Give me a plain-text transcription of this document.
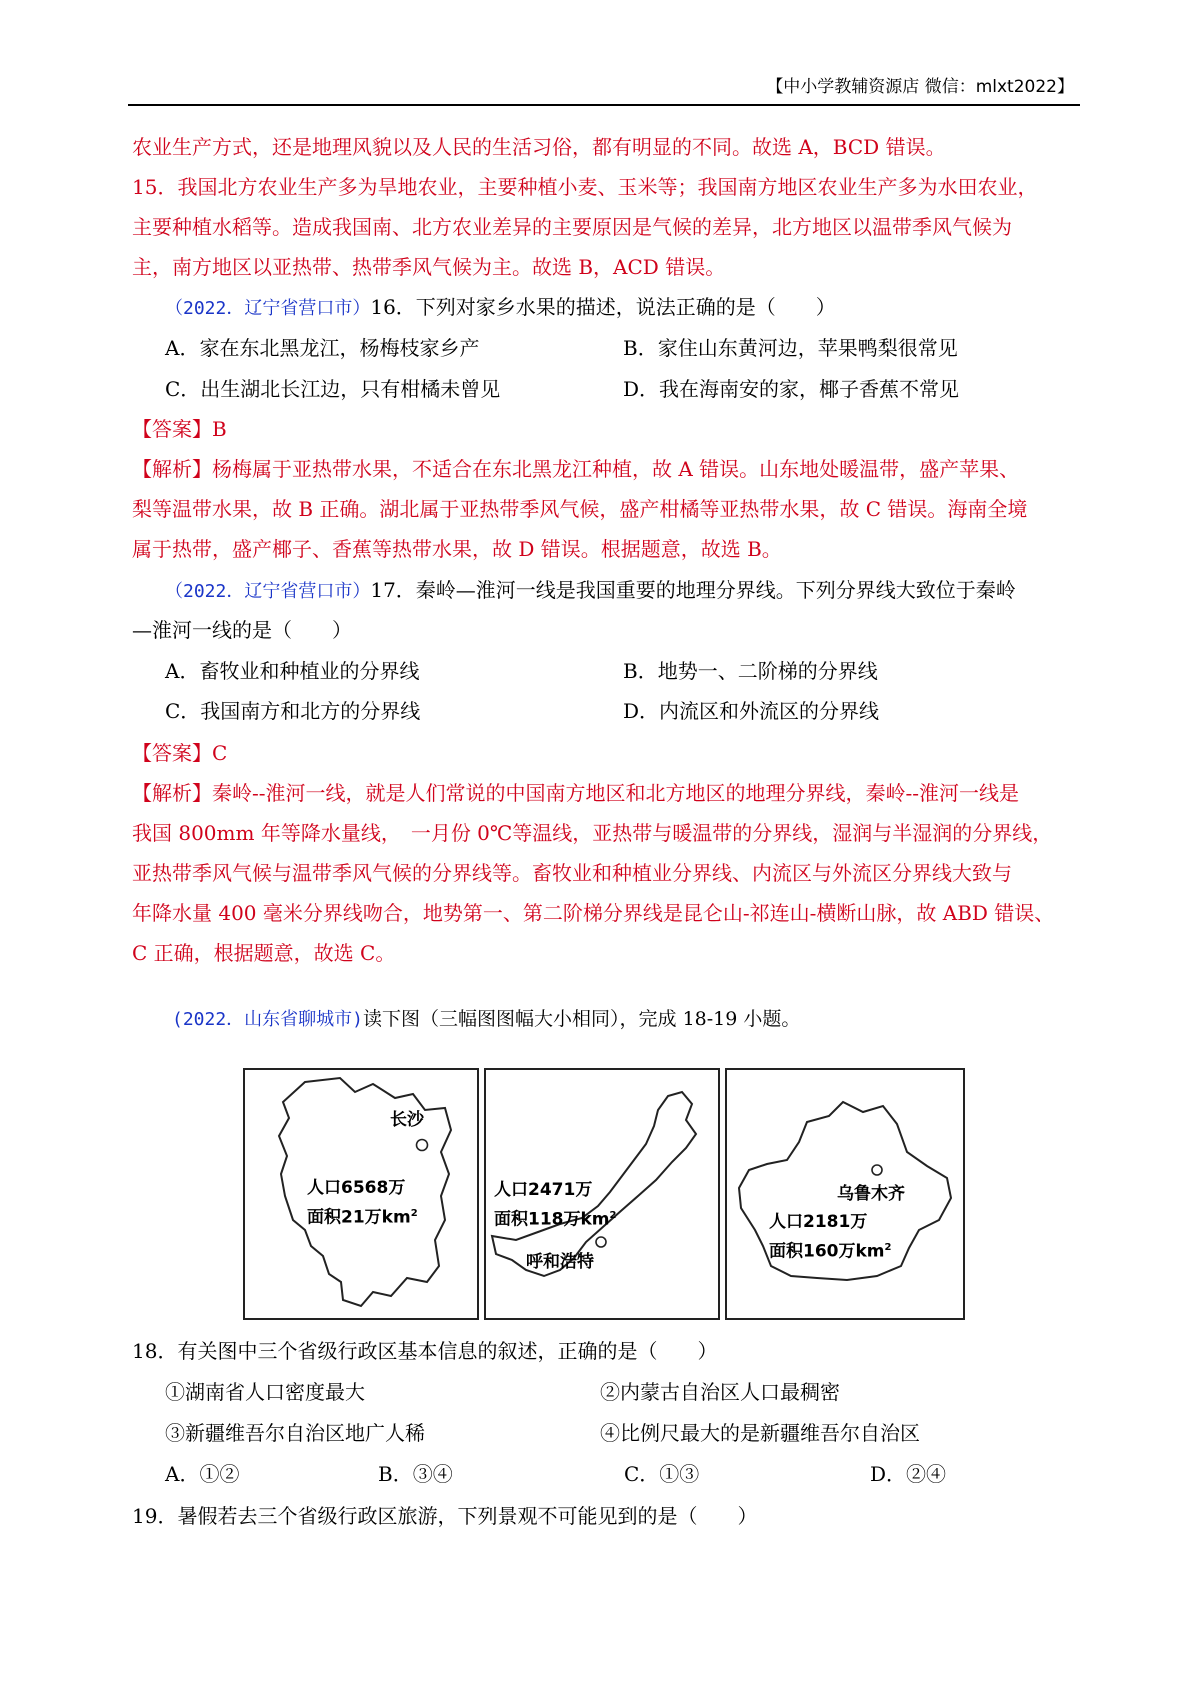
【中小学教辅资源店 微信：mlxt2022】
农业生产方式，还是地理风貌以及人民的生活习俗，都有明显的不同。故选 A，BCD 错误。
15．我国北方农业生产多为旱地农业，主要种植小麦、玉米等；我国南方地区农业生产多为水田农业，
主要种植水稻等。造成我国南、北方农业差异的主要原因是气候的差异，北方地区以温带季风气候为
主，南方地区以亚热带、热带季风气候为主。故选 B，ACD 错误。
（2022．辽宁省营口市）16．下列对家乡水果的描述，说法正确的是（　　）
A．家在东北黑龙江，杨梅枝家乡产	B．家住山东黄河边，苹果鸭梨很常见
C．出生湖北长江边，只有柑橘未曾见	D．我在海南安的家，椰子香蕉不常见
【答案】B
【解析】杨梅属于亚热带水果，不适合在东北黑龙江种植，故 A 错误。山东地处暖温带，盛产苹果、
梨等温带水果，故 B 正确。湖北属于亚热带季风气候，盛产柑橘等亚热带水果，故 C 错误。海南全境
属于热带，盛产椰子、香蕉等热带水果，故 D 错误。根据题意，故选 B。
（2022．辽宁省营口市）17．秦岭—淮河一线是我国重要的地理分界线。下列分界线大致位于秦岭
—淮河一线的是（　　）
A．畜牧业和种植业的分界线	B．地势一、二阶梯的分界线
C．我国南方和北方的分界线	D．内流区和外流区的分界线
【答案】C
【解析】秦岭--淮河一线，就是人们常说的中国南方地区和北方地区的地理分界线，秦岭--淮河一线是
我国 800mm 年等降水量线，　一月份 0℃等温线，亚热带与暖温带的分界线，湿润与半湿润的分界线，
亚热带季风气候与温带季风气候的分界线等。畜牧业和种植业分界线、内流区与外流区分界线大致与
年降水量 400 毫米分界线吻合，地势第一、第二阶梯分界线是昆仑山-祁连山-横断山脉，故 ABD 错误、
C 正确，根据题意，故选 C。
(2022．山东省聊城市)读下图（三幅图图幅大小相同），完成 18-19 小题。
长沙
人口6568万
面积21万$km^2$
人口2471万
面积118万$km^2$
呼和浩特
乌鲁木齐
人口2181万
面积160万$km^2$
18．有关图中三个省级行政区基本信息的叙述，正确的是（　　）
①湖南省人口密度最大	②内蒙古自治区人口最稠密
③新疆维吾尔自治区地广人稀	④比例尺最大的是新疆维吾尔自治区
A．①②	B．③④	C．①③	D．②④
19．暑假若去三个省级行政区旅游，下列景观不可能见到的是（　　）
